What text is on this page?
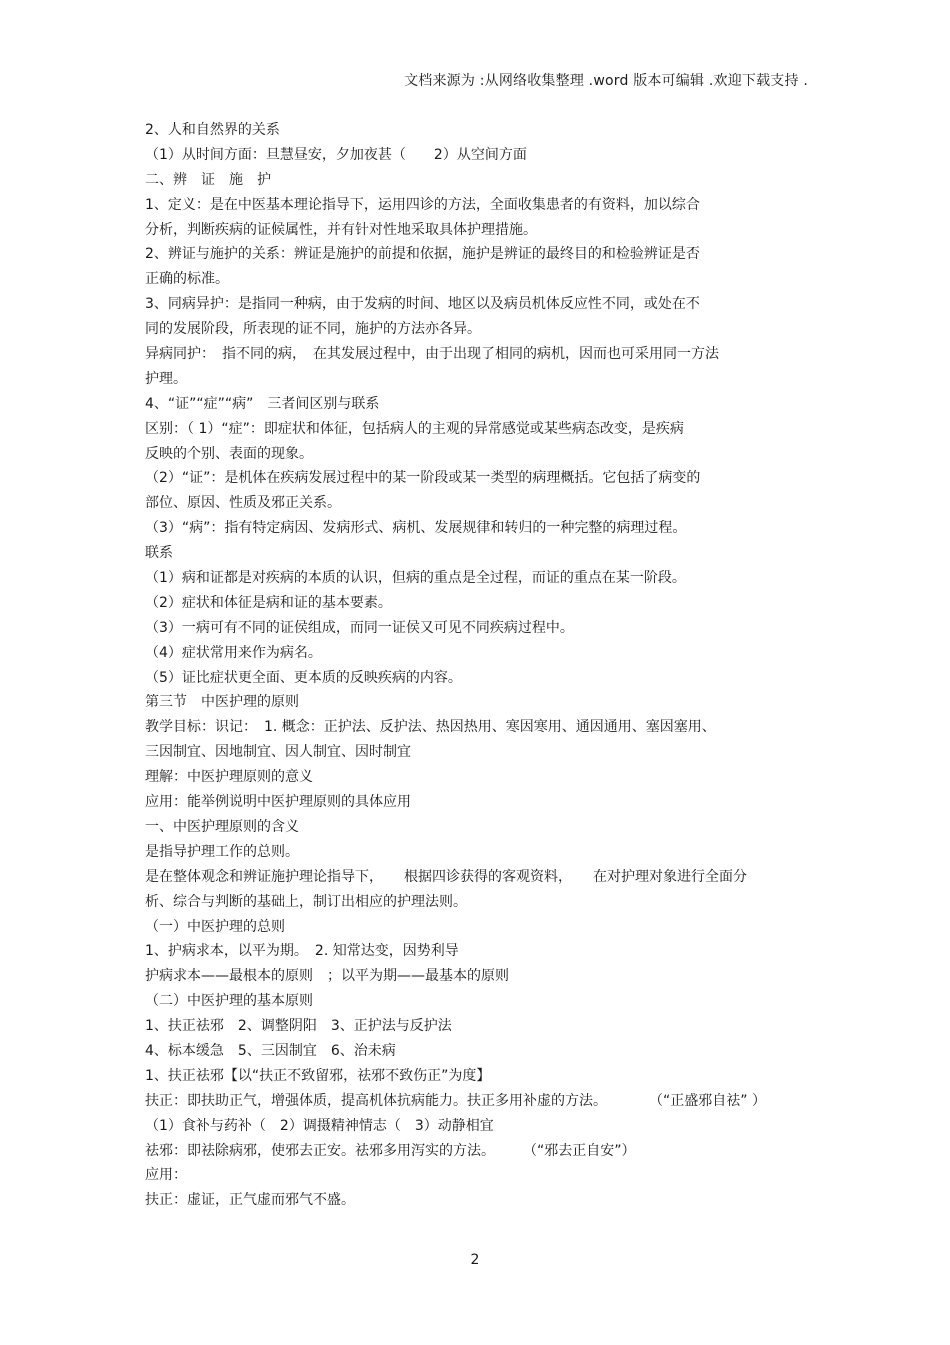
文档来源为 :从网络收集整理 .word 版本可编辑 .欢迎下载支持 .
2、人和自然界的关系
（1）从时间方面：旦慧昼安，夕加夜甚（　　2）从空间方面
二、辨　证　施　护
1、定义：是在中医基本理论指导下，运用四诊的方法，全面收集患者的有资料，加以综合
分析，判断疾病的证候属性，并有针对性地采取具体护理措施。
2、辨证与施护的关系：辨证是施护的前提和依据，施护是辨证的最终目的和检验辨证是否
正确的标准。
3、同病异护：是指同一种病，由于发病的时间、地区以及病员机体反应性不同，或处在不
同的发展阶段，所表现的证不同，施护的方法亦各异。
异病同护：　指不同的病，　在其发展过程中，由于出现了相同的病机，因而也可采用同一方法
护理。
4、“证”“症”“病”　三者间区别与联系
区别：（ 1）“症”：即症状和体征，包括病人的主观的异常感觉或某些病态改变，是疾病
反映的个别、表面的现象。
（2）“证”：是机体在疾病发展过程中的某一阶段或某一类型的病理概括。它包括了病变的
部位、原因、性质及邪正关系。
（3）“病”：指有特定病因、发病形式、病机、发展规律和转归的一种完整的病理过程。
联系
（1）病和证都是对疾病的本质的认识，但病的重点是全过程，而证的重点在某一阶段。
（2）症状和体征是病和证的基本要素。
（3）一病可有不同的证侯组成，而同一证侯又可见不同疾病过程中。
（4）症状常用来作为病名。
（5）证比症状更全面、更本质的反映疾病的内容。
第三节　中医护理的原则
教学目标：识记：　1. 概念：正护法、反护法、热因热用、寒因寒用、通因通用、塞因塞用、
三因制宜、因地制宜、因人制宜、因时制宜
理解：中医护理原则的意义
应用：能举例说明中医护理原则的具体应用
一、中医护理原则的含义
是指导护理工作的总则。
是在整体观念和辨证施护理论指导下，　　根据四诊获得的客观资料，　　在对护理对象进行全面分
析、综合与判断的基础上，制订出相应的护理法则。
（一）中医护理的总则
1、护病求本，以平为期。　2. 知常达变，因势利导
护病求本——最根本的原则　；以平为期——最基本的原则
（二）中医护理的基本原则
1、扶正祛邪　2、调整阴阳　3、正护法与反护法
4、标本缓急　5、三因制宜　6、治未病
1、扶正祛邪【以“扶正不致留邪，祛邪不致伤正”为度】
扶正：即扶助正气，增强体质，提高机体抗病能力。扶正多用补虚的方法。　　　　（“正盛邪自祛” ）
（1）食补与药补（　2）调摄精神情志（　3）动静相宜
祛邪：即祛除病邪，使邪去正安。祛邪多用泻实的方法。　　　（“邪去正自安”）
应用：
扶正：虚证，正气虚而邪气不盛。
2
